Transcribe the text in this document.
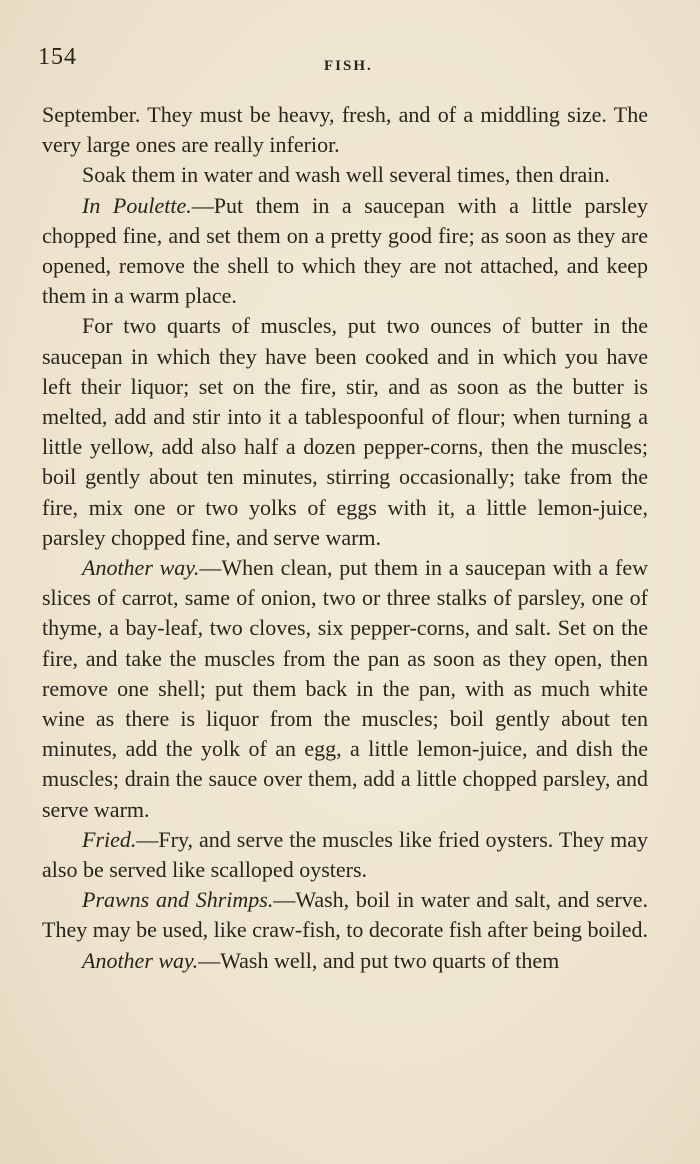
154	FISH.

September. They must be heavy, fresh, and of a middling size. The very large ones are really inferior.

Soak them in water and wash well several times, then drain.

In Poulette.—Put them in a saucepan with a little parsley chopped fine, and set them on a pretty good fire; as soon as they are opened, remove the shell to which they are not attached, and keep them in a warm place.

For two quarts of muscles, put two ounces of butter in the saucepan in which they have been cooked and in which you have left their liquor; set on the fire, stir, and as soon as the butter is melted, add and stir into it a tablespoonful of flour; when turning a little yellow, add also half a dozen pepper-corns, then the muscles; boil gently about ten minutes, stirring occasionally; take from the fire, mix one or two yolks of eggs with it, a little lemon-juice, parsley chopped fine, and serve warm.

Another way.—When clean, put them in a saucepan with a few slices of carrot, same of onion, two or three stalks of parsley, one of thyme, a bay-leaf, two cloves, six pepper-corns, and salt. Set on the fire, and take the muscles from the pan as soon as they open, then remove one shell; put them back in the pan, with as much white wine as there is liquor from the muscles; boil gently about ten minutes, add the yolk of an egg, a little lemon-juice, and dish the muscles; drain the sauce over them, add a little chopped parsley, and serve warm.

Fried.—Fry, and serve the muscles like fried oysters. They may also be served like scalloped oysters.

Prawns and Shrimps.—Wash, boil in water and salt, and serve. They may be used, like craw-fish, to decorate fish after being boiled.

Another way.—Wash well, and put two quarts of them
